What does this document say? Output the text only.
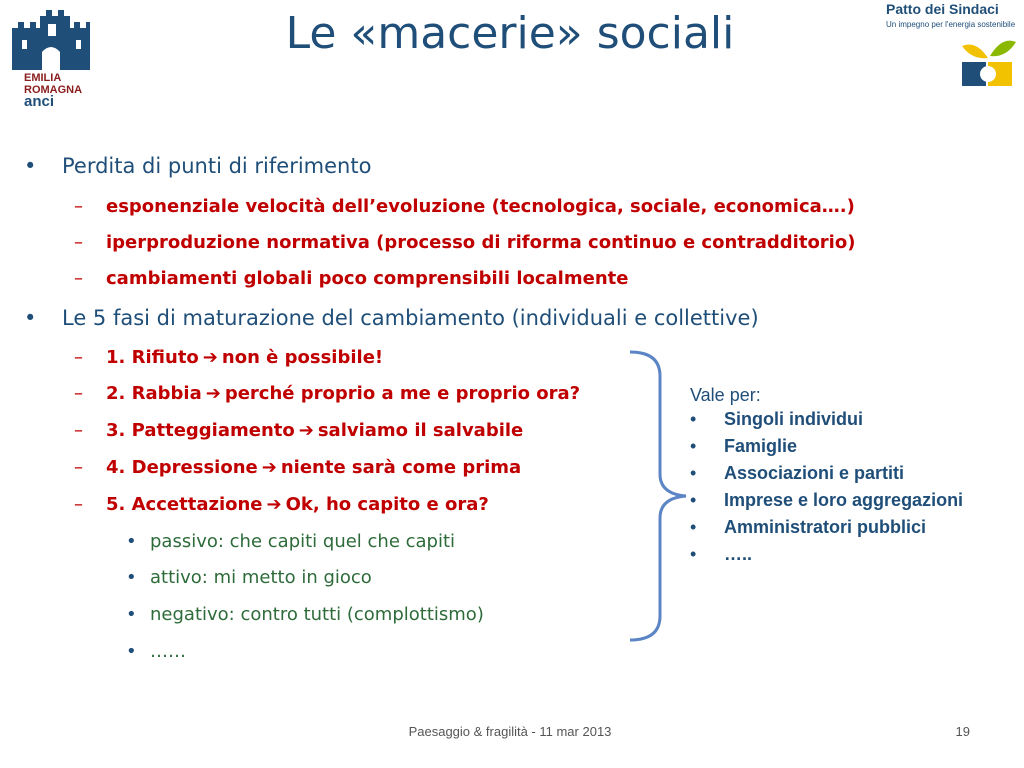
EMILIA
ROMAGNA
anci
Patto dei Sindaci
Un impegno per l'energia sostenibile
Le «macerie» sociali
• Perdita di punti di riferimento
– esponenziale velocità dell’evoluzione (tecnologica, sociale, economica….)
– iperproduzione normativa (processo di riforma continuo e contradditorio)
– cambiamenti globali poco comprensibili localmente
• Le 5 fasi di maturazione del cambiamento (individuali e collettive)
– 1. Rifiuto ➔ non è possibile!
– 2. Rabbia ➔ perché proprio a me e proprio ora?
– 3. Patteggiamento ➔ salviamo il salvabile
– 4. Depressione ➔ niente sarà come prima
– 5. Accettazione ➔ Ok, ho capito e ora?
• passivo: che capiti quel che capiti
• attivo: mi metto in gioco
• negativo: contro tutti (complottismo)
• ……
Vale per:
• Singoli individui
• Famiglie
• Associazioni e partiti
• Imprese e loro aggregazioni
• Amministratori pubblici
• …..
Paesaggio & fragilità - 11 mar 2013	19
